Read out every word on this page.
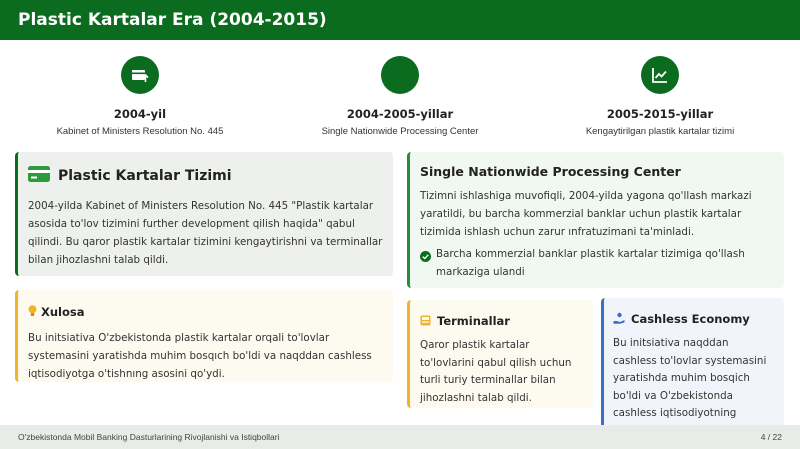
Plastic Kartalar Era (2004-2015)
2004-yil
Kabinet of Ministers Resolution No. 445
2004-2005-yillar
Single Nationwide Processing Center
2005-2015-yillar
Kengaytirilgan plastik kartalar tizimi
Plastic Kartalar Tizimi

2004-yilda Kabinet of Ministers Resolution No. 445 "Plastik kartalar asosida to'lov tizimini further development qilish haqida" qabul qilindi. Bu qaror plastik kartalar tizimini kengaytirishni va terminallar bilan jihozlashni talab qildi.

Single Nationwide Processing Center

Tizimni ishlashiga muvofiqli, 2004-yilda yagona qo'llash markazi yaratildi, bu barcha kommerzial banklar uchun plastik kartalar tizimida ishlash uchun zarur ınfratuzimani ta'minladi.

Barcha kommerzial banklar plastik kartalar tizimiga qo'llash markaziga ulandi
Xulosa

Bu initsiativa O'zbekistonda plastik kartalar orqali to'lovlar systemasini yaratishda muhim bosqıch bo'ldi va naqddan cashless iqtisodiyotga o'tishnıng asosini qo'ydi.

Terminallar

Qaror plastik kartalar to'lovlarini qabul qilish uchun turli turiy terminallar bilan jihozlashni talab qildi.

Cashless Economy

Bu initsiativa naqddan cashless to'lovlar systemasini yaratishda muhim bosqich bo'ldi va O'zbekistonda cashless iqtisodiyotning

O'zbekistonda Mobil Banking Dasturlarining Rivojlanishi va Istiqbollari	4 / 22
